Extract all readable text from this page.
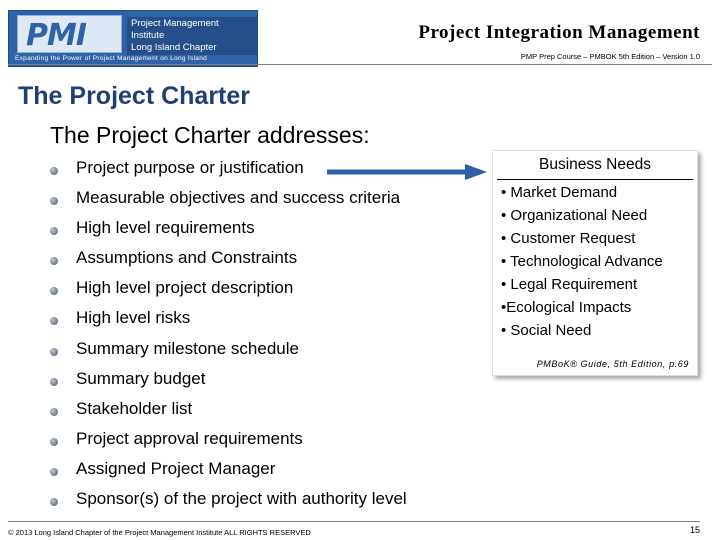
PMI	Project Management Institute
Long Island Chapter
Expanding the Power of Project Management on Long Island
Project Integration Management
PMP Prep Course – PMBOK 5th Edition – Version 1.0
The Project Charter
The Project Charter addresses:
Project purpose or justification
Measurable objectives and success criteria
High level requirements
Assumptions and Constraints
High level project description
High level risks
Summary milestone schedule
Summary budget
Stakeholder list
Project approval requirements
Assigned Project Manager
Sponsor(s) of the project with authority level
Business Needs
• Market Demand
• Organizational Need
• Customer Request
• Technological Advance
• Legal Requirement
•Ecological Impacts
• Social Need
PMBoK® Guide, 5th Edition, p.69
© 2013 Long Island Chapter of the Project Management Institute ALL RIGHTS RESERVED	15
